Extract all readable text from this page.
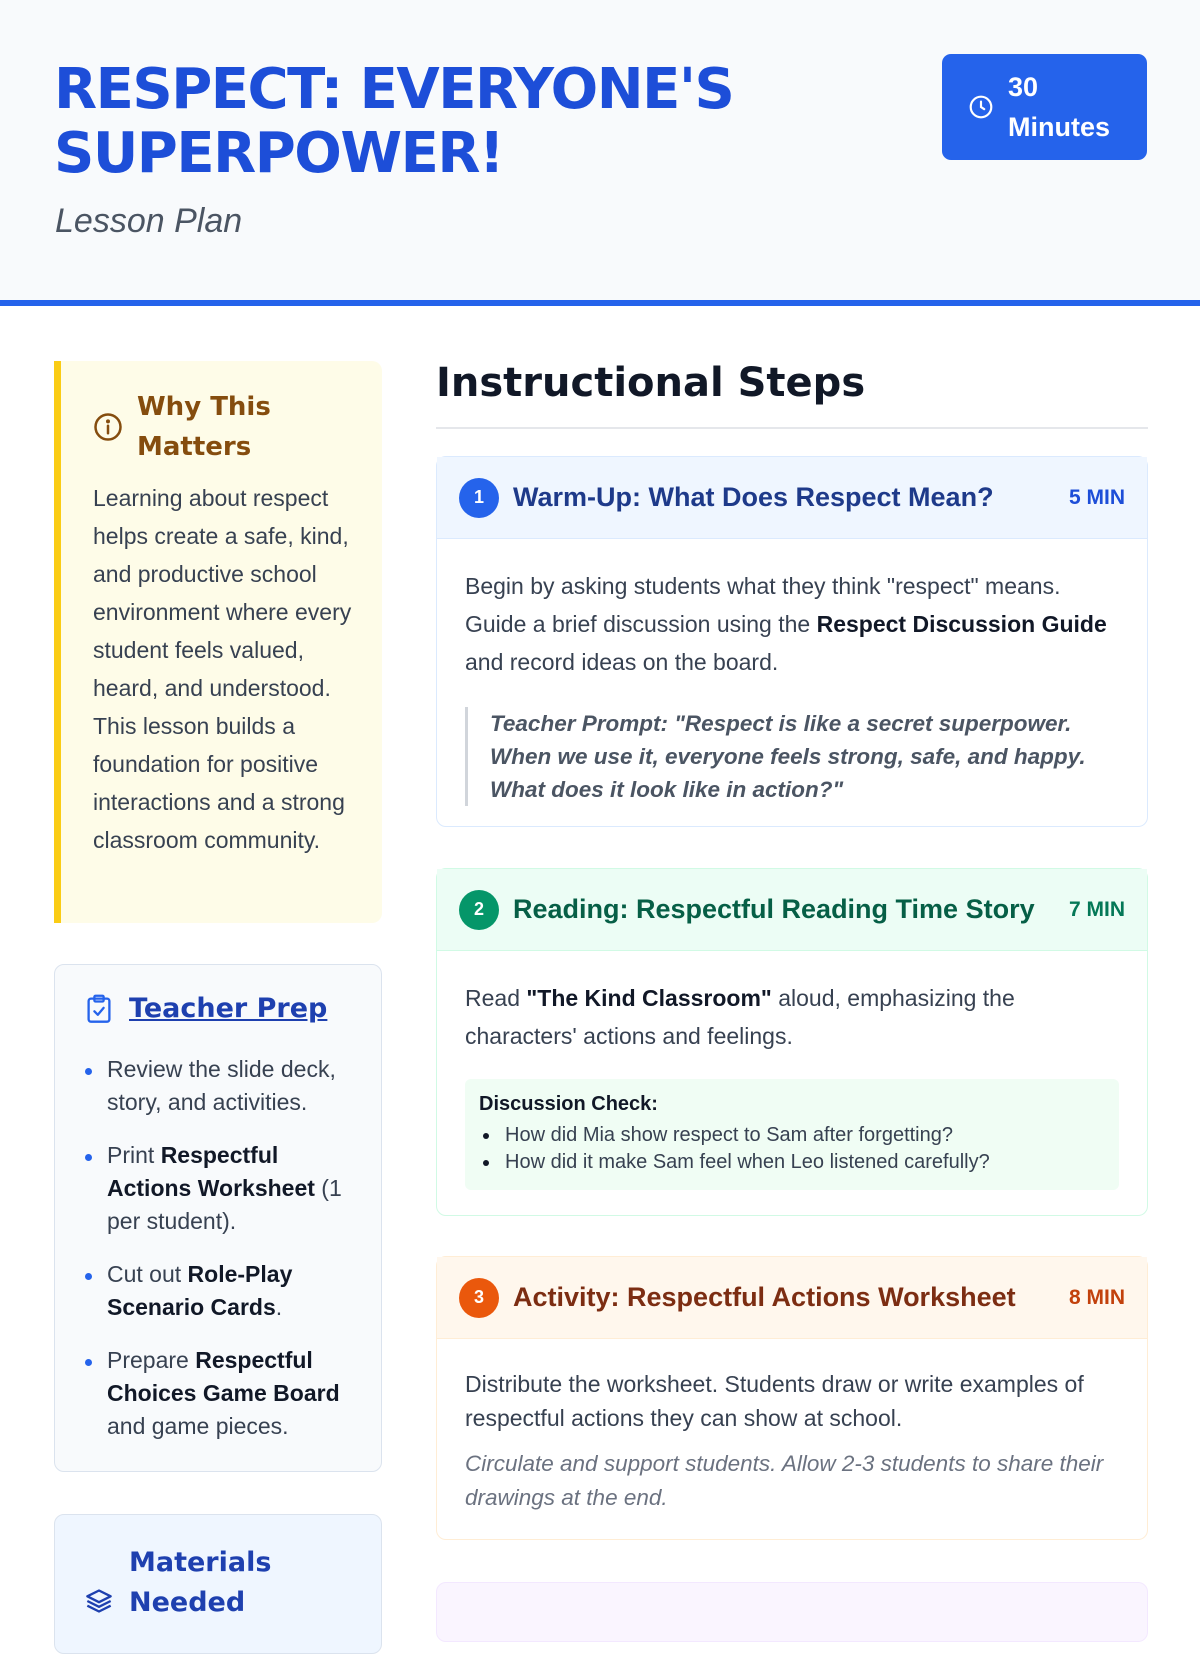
RESPECT: EVERYONE'S SUPERPOWER!
Lesson Plan
30 Minutes
Why This Matters

Learning about respect helps create a safe, kind, and productive school environment where every student feels valued, heard, and understood. This lesson builds a foundation for positive interactions and a strong classroom community.

Teacher Prep
Review the slide deck, story, and activities.
Print Respectful Actions Worksheet (1 per student).
Cut out Role-Play Scenario Cards.
Prepare Respectful Choices Game Board and game pieces.
Materials Needed
Instructional Steps
1	Warm-Up: What Does Respect Mean?	5 MIN

Begin by asking students what they think "respect" means. Guide a brief discussion using the Respect Discussion Guide and record ideas on the board.

Teacher Prompt: "Respect is like a secret superpower. When we use it, everyone feels strong, safe, and happy. What does it look like in action?"
2	Reading: Respectful Reading Time Story	7 MIN

Read "The Kind Classroom" aloud, emphasizing the characters' actions and feelings.

Discussion Check:
How did Mia show respect to Sam after forgetting?
How did it make Sam feel when Leo listened carefully?
3	Activity: Respectful Actions Worksheet	8 MIN

Distribute the worksheet. Students draw or write examples of respectful actions they can show at school.

Circulate and support students. Allow 2-3 students to share their drawings at the end.
